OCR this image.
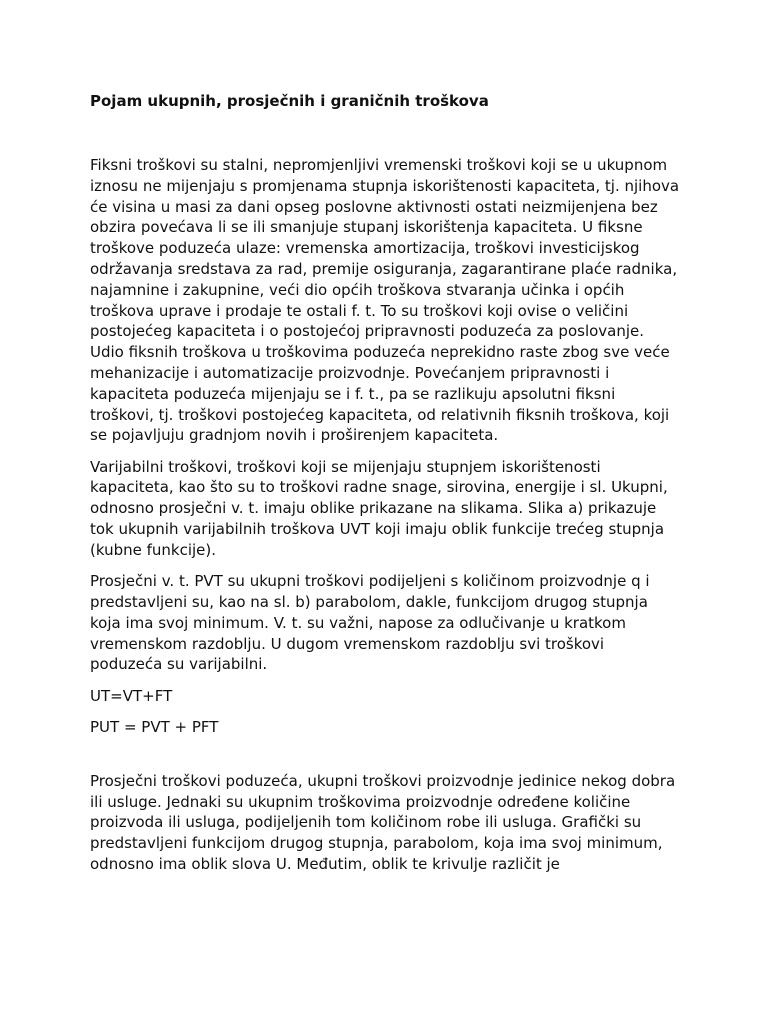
Pojam ukupnih, prosječnih i graničnih troškova

Fiksni troškovi su stalni, nepromjenljivi vremenski troškovi koji se u ukupnom iznosu ne mijenjaju s promjenama stupnja iskorištenosti kapaciteta, tj. njihova će visina u masi za dani opseg poslovne aktivnosti ostati neizmijenjena bez obzira povećava li se ili smanjuje stupanj iskorištenja kapaciteta. U fiksne troškove poduzeća ulaze: vremenska amortizacija, troškovi investicijskog održavanja sredstava za rad, premije osiguranja, zagarantirane plaće radnika, najamnine i zakupnine, veći dio općih troškova stvaranja učinka i općih troškova uprave i prodaje te ostali f. t. To su troškovi koji ovise o veličini postojećeg kapaciteta i o postojećoj pripravnosti poduzeća za poslovanje. Udio fiksnih troškova u troškovima poduzeća neprekidno raste zbog sve veće mehanizacije i automatizacije proizvodnje. Povećanjem pripravnosti i kapaciteta poduzeća mijenjaju se i f. t., pa se razlikuju apsolutni fiksni troškovi, tj. troškovi postojećeg kapaciteta, od relativnih fiksnih troškova, koji se pojavljuju gradnjom novih i proširenjem kapaciteta.

Varijabilni troškovi, troškovi koji se mijenjaju stupnjem iskorištenosti kapaciteta, kao što su to troškovi radne snage, sirovina, energije i sl. Ukupni, odnosno prosječni v. t. imaju oblike prikazane na slikama. Slika a) prikazuje tok ukupnih varijabilnih troškova UVT koji imaju oblik funkcije trećeg stupnja (kubne funkcije).

Prosječni v. t. PVT su ukupni troškovi podijeljeni s količinom proizvodnje q i predstavljeni su, kao na sl. b) parabolom, dakle, funkcijom drugog stupnja koja ima svoj minimum. V. t. su važni, napose za odlučivanje u kratkom vremenskom razdoblju. U dugom vremenskom razdoblju svi troškovi poduzeća su varijabilni.

UT=VT+FT

PUT = PVT + PFT

Prosječni troškovi poduzeća, ukupni troškovi proizvodnje jedinice nekog dobra ili usluge. Jednaki su ukupnim troškovima proizvodnje određene količine proizvoda ili usluga, podijeljenih tom količinom robe ili usluga. Grafički su predstavljeni funkcijom drugog stupnja, parabolom, koja ima svoj minimum, odnosno ima oblik slova U. Međutim, oblik te krivulje različit je
